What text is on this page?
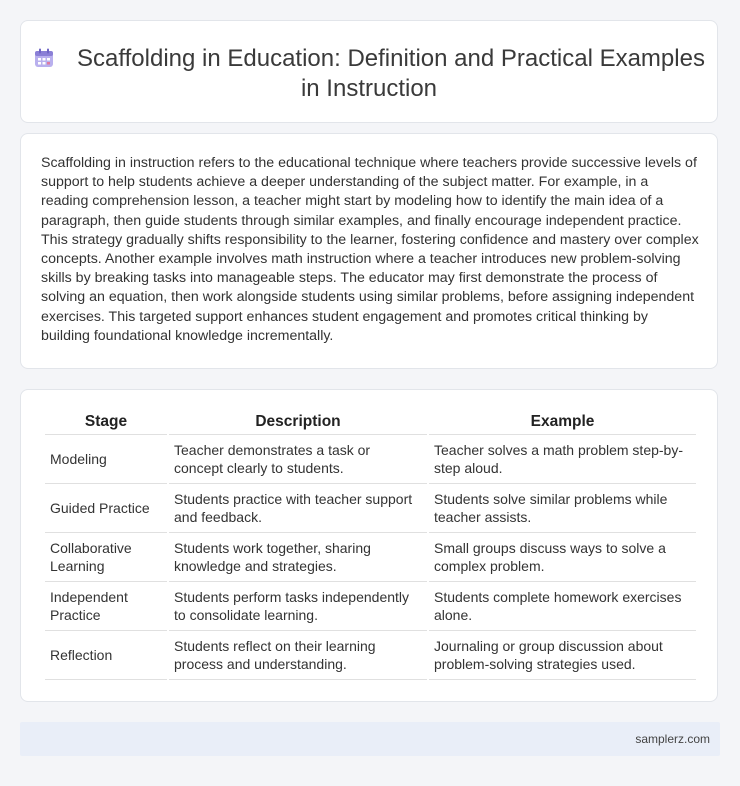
Scaffolding in Education: Definition and Practical Examples in Instruction

Scaffolding in instruction refers to the educational technique where teachers provide successive levels of support to help students achieve a deeper understanding of the subject matter. For example, in a reading comprehension lesson, a teacher might start by modeling how to identify the main idea of a paragraph, then guide students through similar examples, and finally encourage independent practice. This strategy gradually shifts responsibility to the learner, fostering confidence and mastery over complex concepts. Another example involves math instruction where a teacher introduces new problem-solving skills by breaking tasks into manageable steps. The educator may first demonstrate the process of solving an equation, then work alongside students using similar problems, before assigning independent exercises. This targeted support enhances student engagement and promotes critical thinking by building foundational knowledge incrementally.

Stage	Description	Example
Modeling	Teacher demonstrates a task or concept clearly to students.	Teacher solves a math problem step-by-step aloud.
Guided Practice	Students practice with teacher support and feedback.	Students solve similar problems while teacher assists.
Collaborative Learning	Students work together, sharing knowledge and strategies.	Small groups discuss ways to solve a complex problem.
Independent Practice	Students perform tasks independently to consolidate learning.	Students complete homework exercises alone.
Reflection	Students reflect on their learning process and understanding.	Journaling or group discussion about problem-solving strategies used.
samplerz.com
